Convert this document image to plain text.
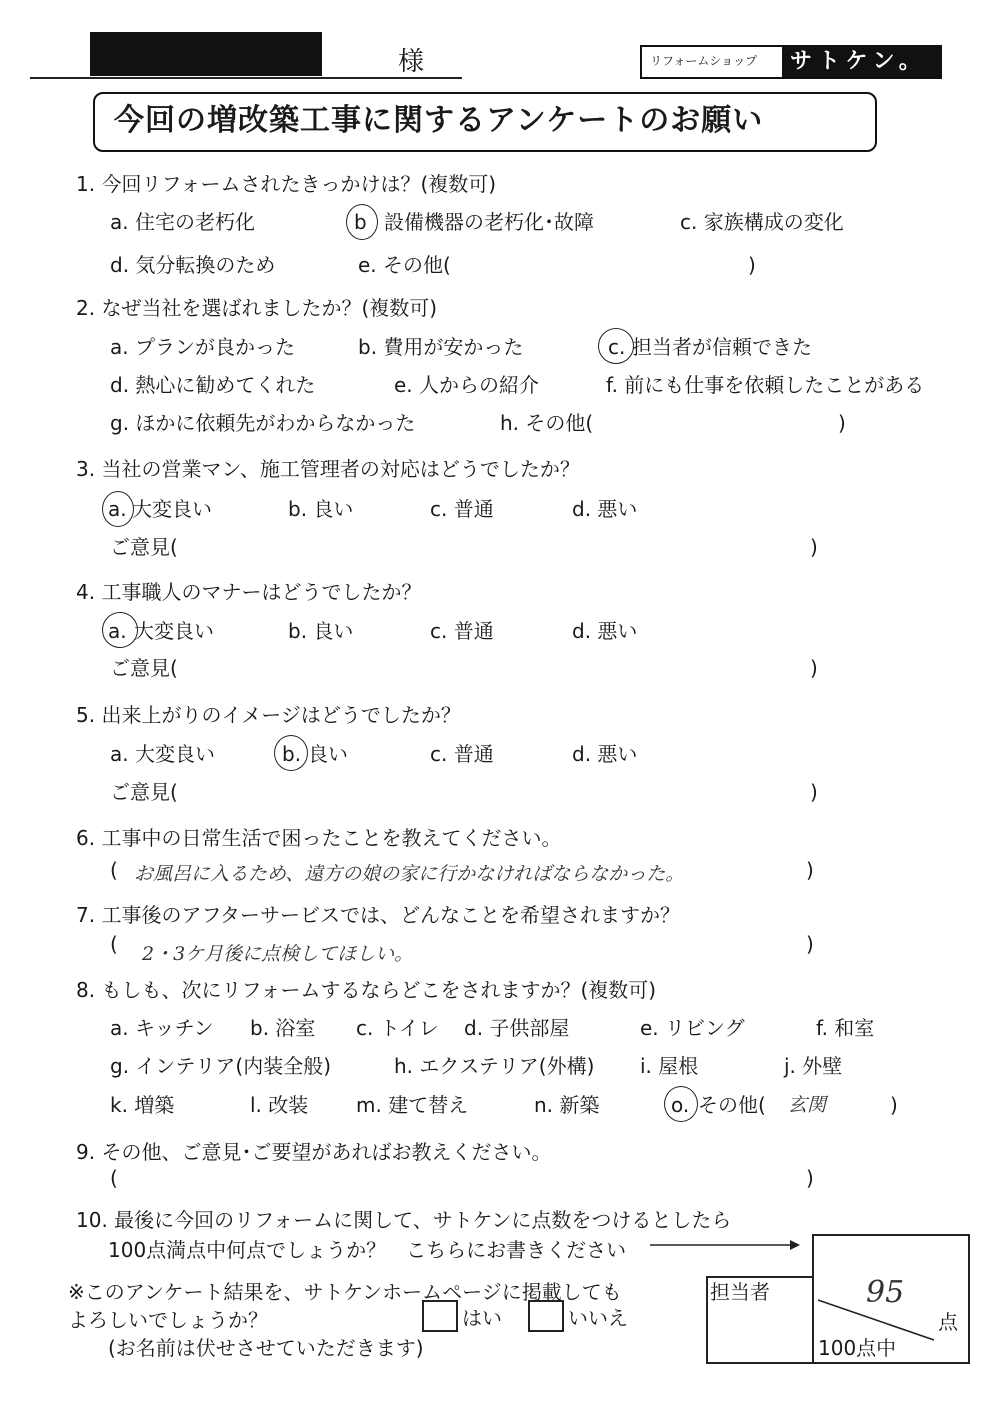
様	リフォームショップ サトケン。
今回の増改築工事に関するアンケートのお願い
1. 今回リフォームされたきっかけは？(複数可)
a. 住宅の老朽化	b 設備機器の老朽化･故障	c. 家族構成の変化
d. 気分転換のため	e. その他(	)
2. なぜ当社を選ばれましたか？(複数可)
a. プランが良かった	b. 費用が安かった	c. 担当者が信頼できた
d. 熱心に勧めてくれた	e. 人からの紹介	f. 前にも仕事を依頼したことがある
g. ほかに依頼先がわからなかった	h. その他(	)
3. 当社の営業マン、施工管理者の対応はどうでしたか？
a. 大変良い	b. 良い	c. 普通	d. 悪い
ご意見(	)
4. 工事職人のマナーはどうでしたか？
a. 大変良い	b. 良い	c. 普通	d. 悪い
ご意見(	)
5. 出来上がりのイメージはどうでしたか？
a. 大変良い	b. 良い	c. 普通	d. 悪い
ご意見(	)
6. 工事中の日常生活で困ったことを教えてください。
( お風呂に入るため、遠方の娘の家に行かなければならなかった。	)
7. 工事後のアフターサービスでは、どんなことを希望されますか？
( 2・3ケ月後に点検してほしい。	)
8. もしも、次にリフォームするならどこをされますか？(複数可)
a. キッチン b. 浴室 c. トイレ d. 子供部屋	e. リビング	f. 和室
g. インテリア(内装全般)	h. エクステリア(外構) i. 屋根	j. 外壁
k. 増築	l. 改装 m. 建て替え	n. 新築	o. その他( 玄関	)
9. その他、ご意見･ご要望があればお教えください。
(	)
10. 最後に今回のリフォームに関して、サトケンに点数をつけるとしたら
100点満点中何点でしょうか？　こちらにお書きください
95
点
100点中
担当者
※このアンケート結果を、サトケンホームページに掲載しても
よろしいでしょうか？	はい	いいえ
(お名前は伏せさせていただきます)
